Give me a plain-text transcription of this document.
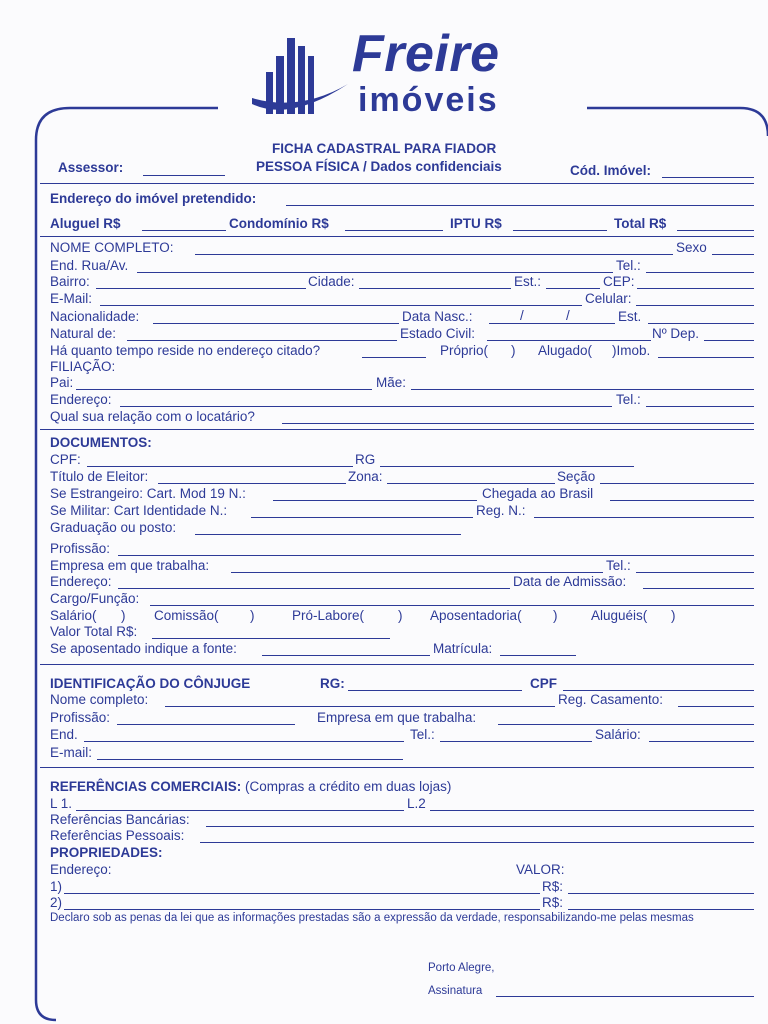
Freire
imóveis
FICHA CADASTRAL PARA FIADOR
PESSOA FÍSICA / Dados confidenciais
Assessor:	Cód. Imóvel:
Endereço do imóvel pretendido:
Aluguel R$	Condomínio R$	IPTU R$	Total R$
NOME COMPLETO:	Sexo
End. Rua/Av.	Tel.:
Bairro:	Cidade:	Est.:	CEP:
E-Mail:	Celular:
Nacionalidade:	Data Nasc.:	/	/	Est.
Natural de:	Estado Civil:	Nº Dep.
Há quanto tempo reside no endereço citado?	Próprio( ) Alugado( )Imob.
FILIAÇÃO:
Pai:	Mãe:
Endereço:	Tel.:
Qual sua relação com o locatário?
DOCUMENTOS:
CPF:	RG
Título de Eleitor:	Zona:	Seção
Se Estrangeiro: Cart. Mod 19 N.:	Chegada ao Brasil
Se Militar: Cart Identidade N.:	Reg. N.:
Graduação ou posto:
Profissão:
Empresa em que trabalha:	Tel.:
Endereço:	Data de Admissão:
Cargo/Função:
Salário( ) Comissão( )	Pró-Labore(	) Aposentadoria( ) Aluguéis( )
Valor Total R$:
Se aposentado indique a fonte:	Matrícula:
IDENTIFICAÇÃO DO CÔNJUGE	RG:	CPF
Nome completo:	Reg. Casamento:
Profissão:	Empresa em que trabalha:
End.	Tel.:	Salário:
E-mail:
REFERÊNCIAS COMERCIAIS: (Compras a crédito em duas lojas)
L 1.	L.2
Referências Bancárias:
Referências Pessoais:
PROPRIEDADES:
Endereço:	VALOR:
1)	R$:
2)	R$:
Declaro sob as penas da lei que as informações prestadas são a expressão da verdade, responsabilizando-me pelas mesmas
Porto Alegre,
Assinatura
